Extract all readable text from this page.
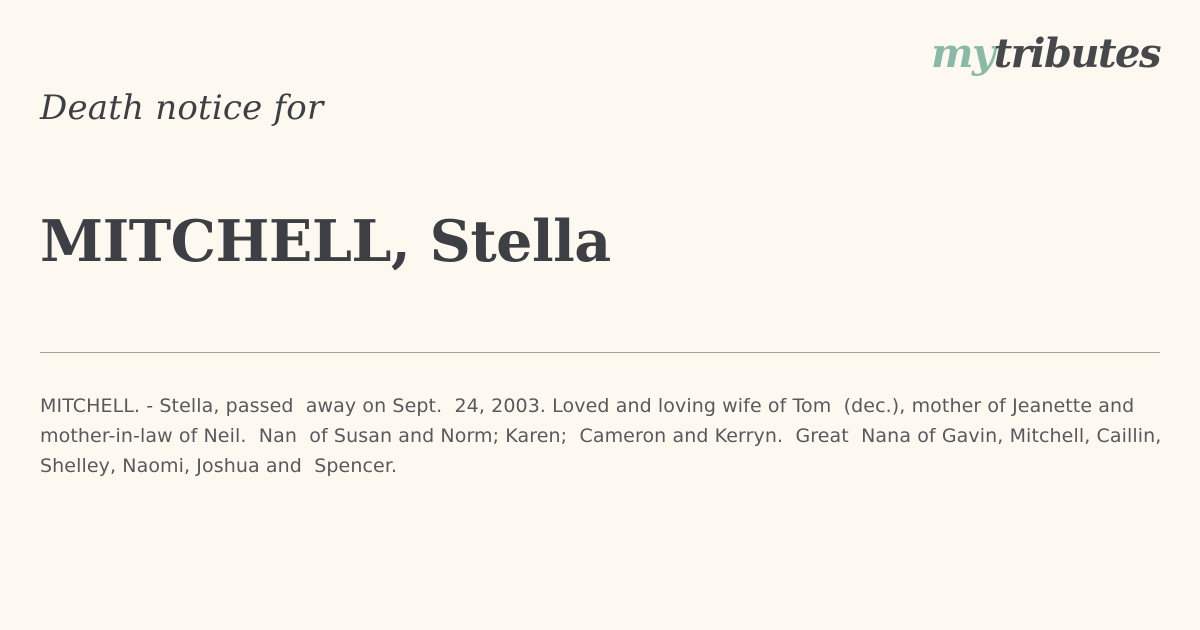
mytributes
Death notice for
MITCHELL, Stella

MITCHELL. - Stella, passed  away on Sept.  24, 2003. Loved and loving wife of Tom  (dec.), mother of Jeanette and mother-in-law of Neil.  Nan  of Susan and Norm; Karen;  Cameron and Kerryn.  Great  Nana of Gavin, Mitchell, Caillin,  Shelley, Naomi, Joshua and  Spencer.
